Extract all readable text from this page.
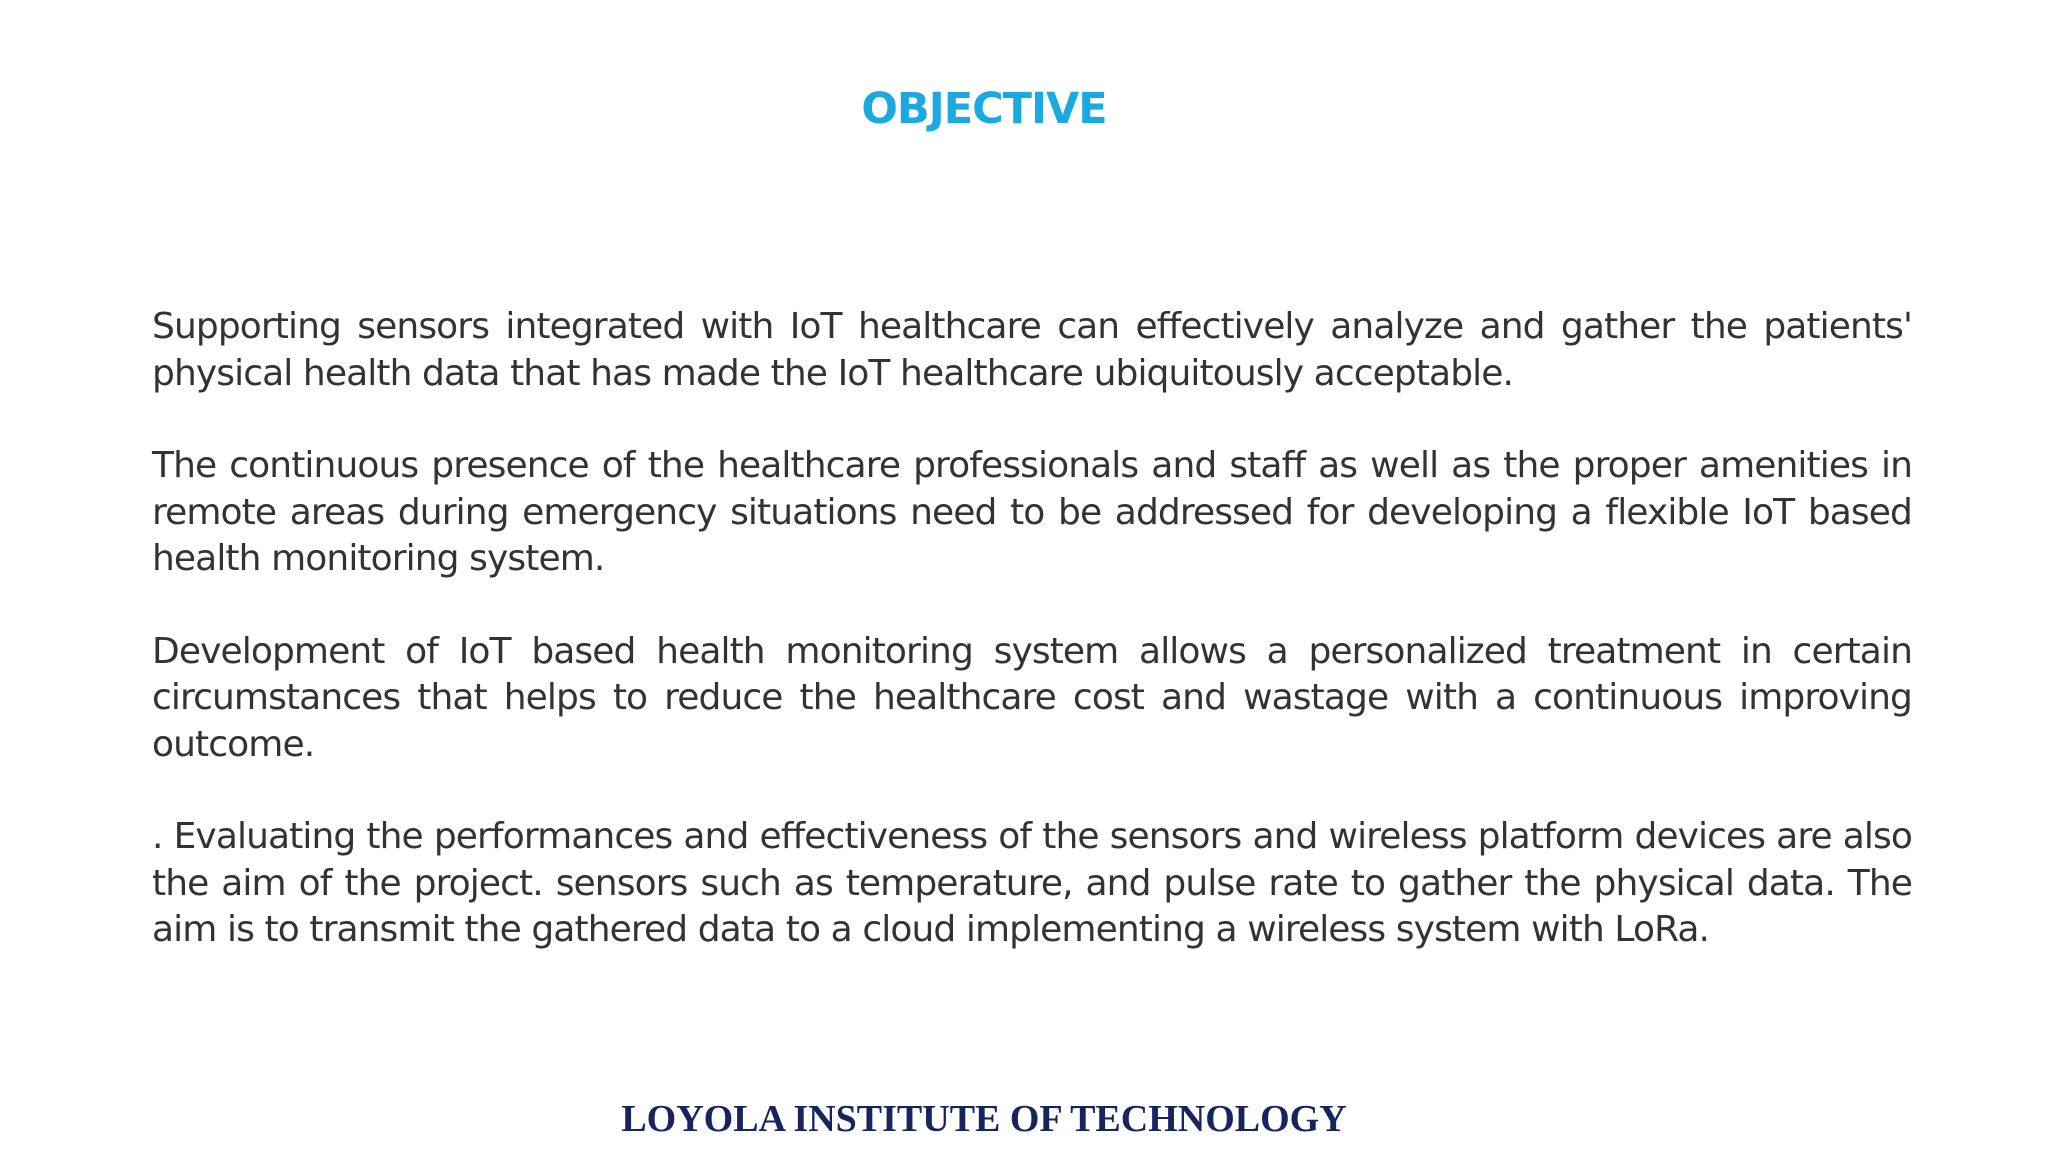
OBJECTIVE

Supporting sensors integrated with IoT healthcare can effectively analyze and gather the patients' physical health data that has made the IoT healthcare ubiquitously acceptable.

The continuous presence of the healthcare professionals and staff as well as the proper amenities in remote areas during emergency situations need to be addressed for developing a flexible IoT based health monitoring system.

Development of IoT based health monitoring system allows a personalized treatment in certain circumstances that helps to reduce the healthcare cost and wastage with a continuous improving outcome.

. Evaluating the performances and effectiveness of the sensors and wireless platform devices are also the aim of the project. sensors such as temperature, and pulse rate to gather the physical data. The aim is to transmit the gathered data to a cloud implementing a wireless system with LoRa.

LOYOLA INSTITUTE OF TECHNOLOGY
